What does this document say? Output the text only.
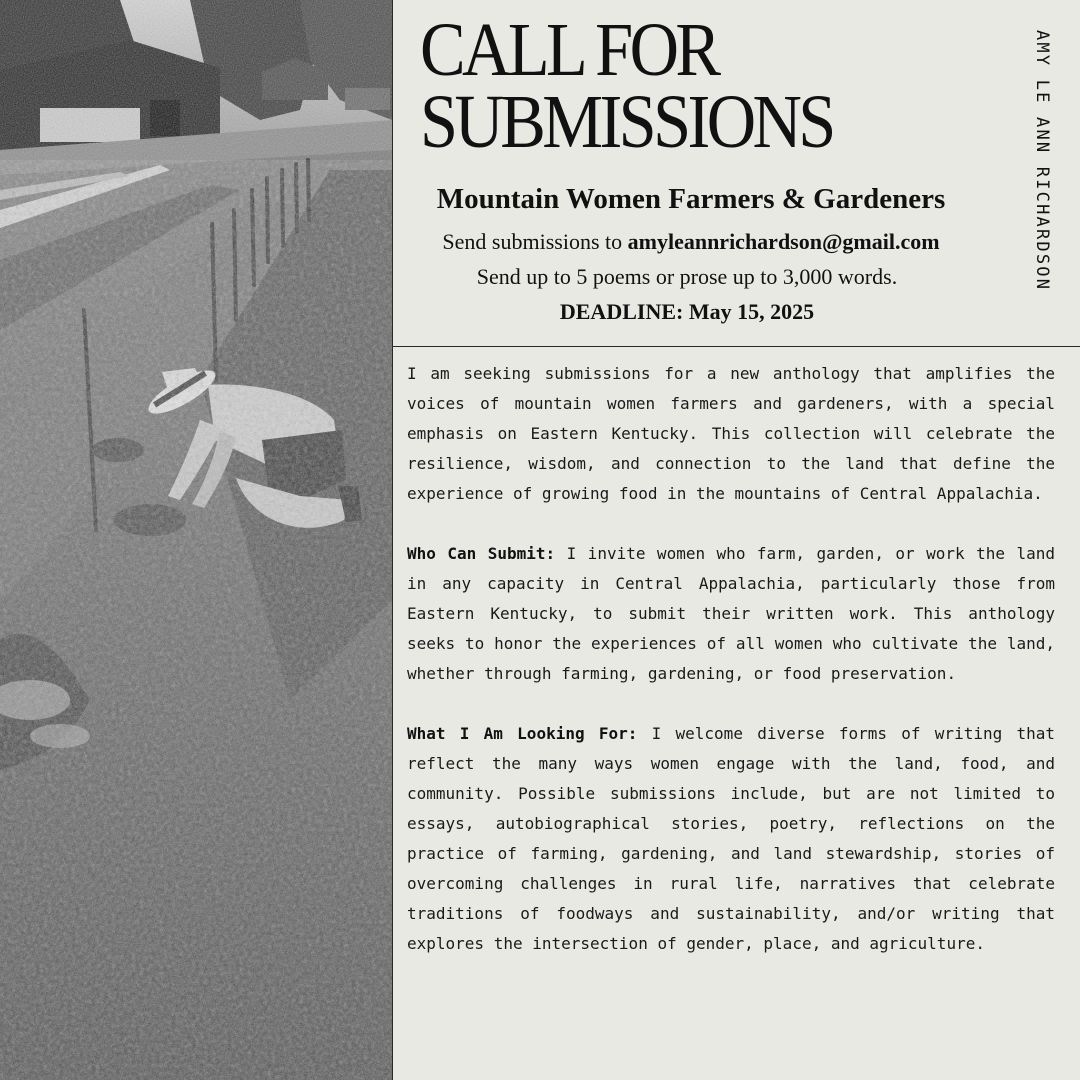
CALL FOR
SUBMISSIONS
Mountain Women Farmers & Gardeners
Send submissions to amyleannrichardson@gmail.com
Send up to 5 poems or prose up to 3,000 words.
DEADLINE: May 15, 2025
AMY LE ANN RICHARDSON

I am seeking submissions for a new anthology that amplifies the voices of mountain women farmers and gardeners, with a special emphasis on Eastern Kentucky. This collection will celebrate the resilience, wisdom, and connection to the land that define the experience of growing food in the mountains of Central Appalachia.

Who Can Submit: I invite women who farm, garden, or work the land in any capacity in Central Appalachia, particularly those from Eastern Kentucky, to submit their written work. This anthology seeks to honor the experiences of all women who cultivate the land, whether through farming, gardening, or food preservation.

What I Am Looking For: I welcome diverse forms of writing that reflect the many ways women engage with the land, food, and community. Possible submissions include, but are not limited to essays, autobiographical stories, poetry, reflections on the practice of farming, gardening, and land stewardship, stories of overcoming challenges in rural life, narratives that celebrate traditions of foodways and sustainability, and/or writing that explores the intersection of gender, place, and agriculture.
